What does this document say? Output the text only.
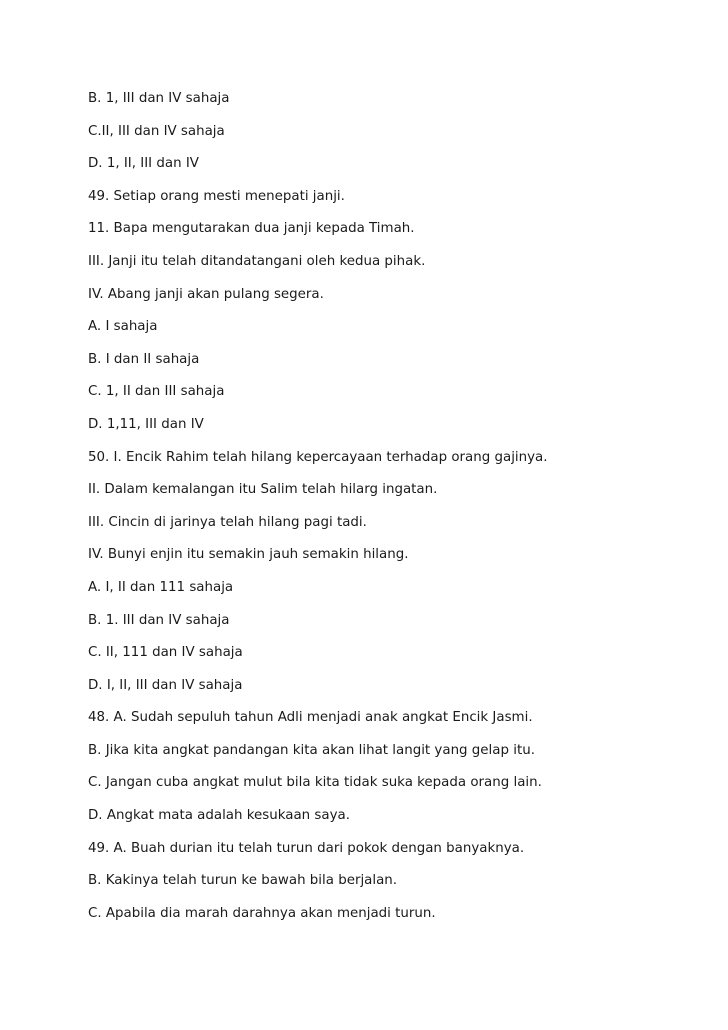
B. 1, III dan IV sahaja
C.II, III dan IV sahaja
D. 1, II, III dan IV
49. Setiap orang mesti menepati janji.
11. Bapa mengutarakan dua janji kepada Timah.
III. Janji itu telah ditandatangani oleh kedua pihak.
IV. Abang janji akan pulang segera.
A. I sahaja
B. I dan II sahaja
C. 1, II dan III sahaja
D. 1,11, III dan IV
50. I. Encik Rahim telah hilang kepercayaan terhadap orang gajinya.
II. Dalam kemalangan itu Salim telah hilarg ingatan.
III. Cincin di jarinya telah hilang pagi tadi.
IV. Bunyi enjin itu semakin jauh semakin hilang.
A. I, II dan 111 sahaja
B. 1. III dan IV sahaja
C. II, 111 dan IV sahaja
D. I, II, III dan IV sahaja
48. A. Sudah sepuluh tahun Adli menjadi anak angkat Encik Jasmi.
B. Jika kita angkat pandangan kita akan lihat langit yang gelap itu.
C. Jangan cuba angkat mulut bila kita tidak suka kepada orang lain.
D. Angkat mata adalah kesukaan saya.
49. A. Buah durian itu telah turun dari pokok dengan banyaknya.
B. Kakinya telah turun ke bawah bila berjalan.
C. Apabila dia marah darahnya akan menjadi turun.
